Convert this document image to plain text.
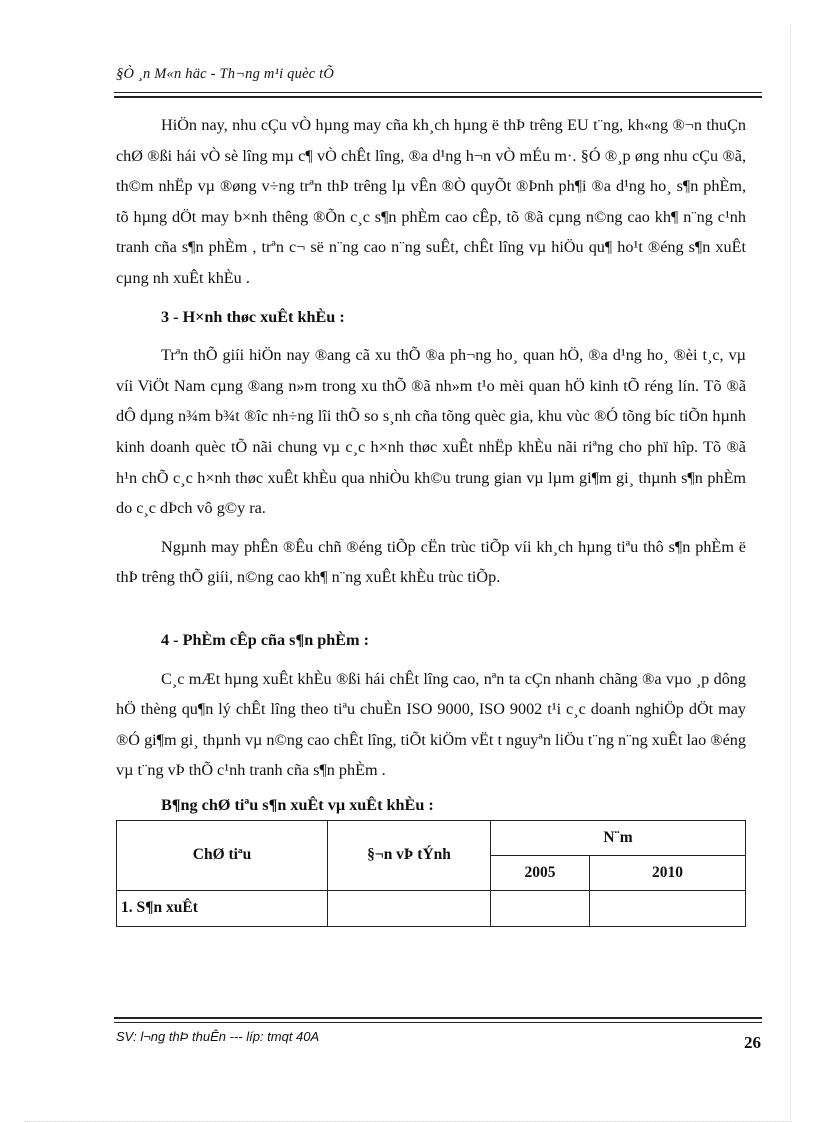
§Ò ¸n M«n häc - Th¬ng m¹i quèc tÕ

HiÖn nay, nhu cÇu vÒ hµng may cña kh¸ch hµng ë thÞ trêng EU t¨ng, kh«ng ®¬n thuÇn chØ ®ßi hái vÒ sè lîng mµ c¶ vÒ chÊt lîng, ®a d¹ng h¬n vÒ mÉu m·. §Ó ®¸p øng nhu cÇu ®ã, th©m nhËp vµ ®øng v÷ng trªn thÞ trêng lµ vÊn ®Ò quyÕt ®Þnh ph¶i ®a d¹ng ho¸ s¶n phÈm, tõ hµng dÖt may b×nh thêng ®Õn c¸c s¶n phÈm cao cÊp, tõ ®ã cµng n©ng cao kh¶ n¨ng c¹nh tranh cña s¶n phÈm , trªn c¬ së n¨ng cao n¨ng suÊt, chÊt lîng vµ hiÖu qu¶ ho¹t ®éng s¶n xuÊt cµng nh xuÊt khÈu .

3 - H×nh thøc xuÊt khÈu :

Trªn thÕ giíi hiÖn nay ®ang cã xu thÕ ®a ph¬ng ho¸ quan hÖ, ®a d¹ng ho¸ ®èi t¸c, vµ víi ViÖt Nam cµng ®ang n»m trong xu thÕ ®ã nh»m t¹o mèi quan hÖ kinh tÕ réng lín. Tõ ®ã dÔ dµng n¾m b¾t ®îc nh÷ng lîi thÕ so s¸nh cña tõng quèc gia, khu vùc ®Ó tõng bíc tiÕn hµnh kinh doanh quèc tÕ nãi chung vµ c¸c h×nh thøc xuÊt nhËp khÈu nãi riªng cho phï hîp. Tõ ®ã h¹n chÕ c¸c h×nh thøc xuÊt khÈu qua nhiÒu kh©u trung gian vµ lµm gi¶m gi¸ thµnh s¶n phÈm do c¸c dÞch vô g©y ra.

Ngµnh may phÊn ®Êu chñ ®éng tiÕp cËn trùc tiÕp víi kh¸ch hµng tiªu thô s¶n phÈm ë thÞ trêng thÕ giíi, n©ng cao kh¶ n¨ng xuÊt khÈu trùc tiÕp.

4 - PhÈm cÊp cña s¶n phÈm :

C¸c mÆt hµng xuÊt khÈu ®ßi hái chÊt lîng cao, nªn ta cÇn nhanh chãng ®a vµo ¸p dông hÖ thèng qu¶n lý chÊt lîng theo tiªu chuÈn ISO 9000, ISO 9002 t¹i c¸c doanh nghiÖp dÖt may ®Ó gi¶m gi¸ thµnh vµ n©ng cao chÊt lîng, tiÕt kiÖm vËt t nguyªn liÖu t¨ng n¨ng xuÊt lao ®éng vµ t¨ng vÞ thÕ c¹nh tranh cña s¶n phÈm .

B¶ng chØ tiªu s¶n xuÊt vµ xuÊt khÈu :
ChØ tiªu	§¬n vÞ tÝnh	N¨m	
		2005	2010
1. S¶n xuÊt			
SV: l¬ng thÞ thuÊn --- líp: tmqt 40A	26
